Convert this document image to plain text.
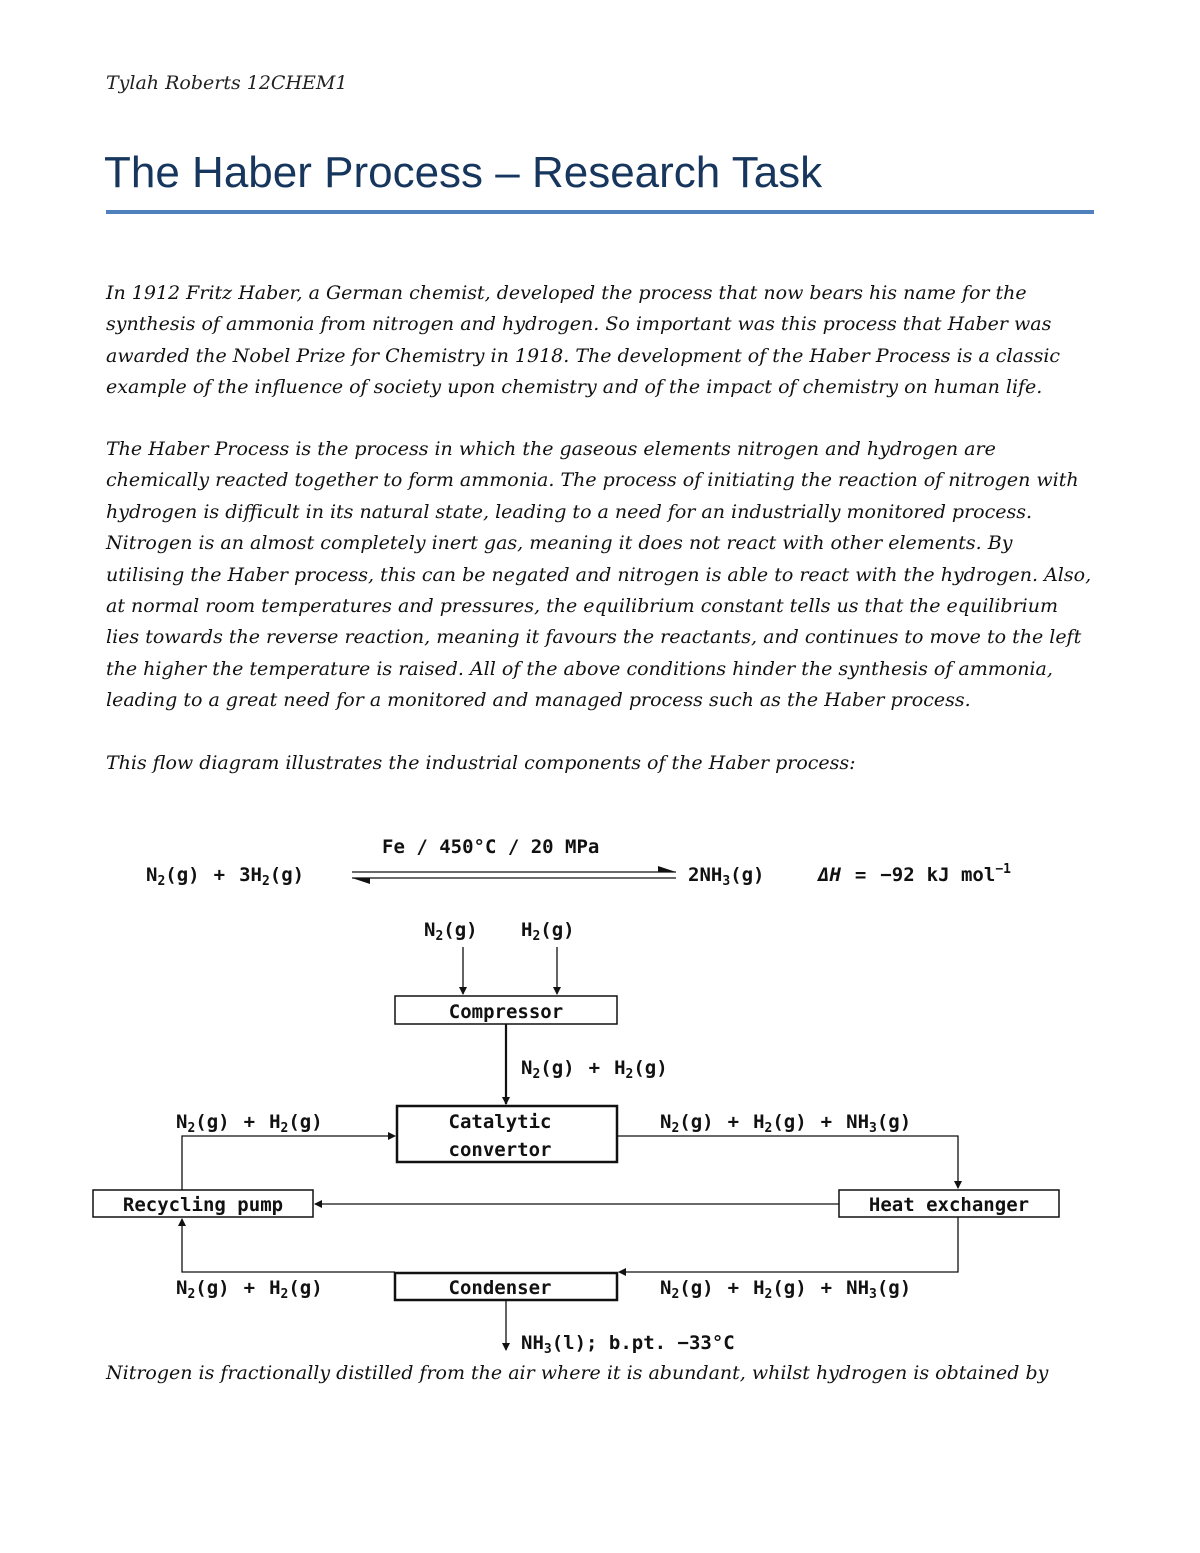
Tylah Roberts 12CHEM1
The Haber Process – Research Task

In 1912 Fritz Haber, a German chemist, developed the process that now bears his name for the
synthesis of ammonia from nitrogen and hydrogen. So important was this process that Haber was
awarded the Nobel Prize for Chemistry in 1918. The development of the Haber Process is a classic
example of the influence of society upon chemistry and of the impact of chemistry on human life.

The Haber Process is the process in which the gaseous elements nitrogen and hydrogen are
chemically reacted together to form ammonia. The process of initiating the reaction of nitrogen with
hydrogen is difficult in its natural state, leading to a need for an industrially monitored process.
Nitrogen is an almost completely inert gas, meaning it does not react with other elements. By
utilising the Haber process, this can be negated and nitrogen is able to react with the hydrogen. Also,
at normal room temperatures and pressures, the equilibrium constant tells us that the equilibrium
lies towards the reverse reaction, meaning it favours the reactants, and continues to move to the left
the higher the temperature is raised. All of the above conditions hinder the synthesis of ammonia,
leading to a great need for a monitored and managed process such as the Haber process.

This flow diagram illustrates the industrial components of the Haber process:

Fe / 450°C / 20 MPa
$N_2(g) + 3H_2(g)$	$2NH_3(g)$	ΔH = −92 kJ mol$^{-1}$
$N_2(g)$ $H_2(g)$
Compressor
$N_2(g) + H_2(g)$
Catalytic
convertor
$N_2(g) + H_2(g)$	$N_2(g) + H_2(g) + NH_3(g)$
Recycling pump	Heat exchanger
$N_2(g) + H_2(g) + NH_3(g)$
Condenser
$N_2(g) + H_2(g)$
$NH_3(l)$; b.pt. −33°C

Nitrogen is fractionally distilled from the air where it is abundant, whilst hydrogen is obtained by
